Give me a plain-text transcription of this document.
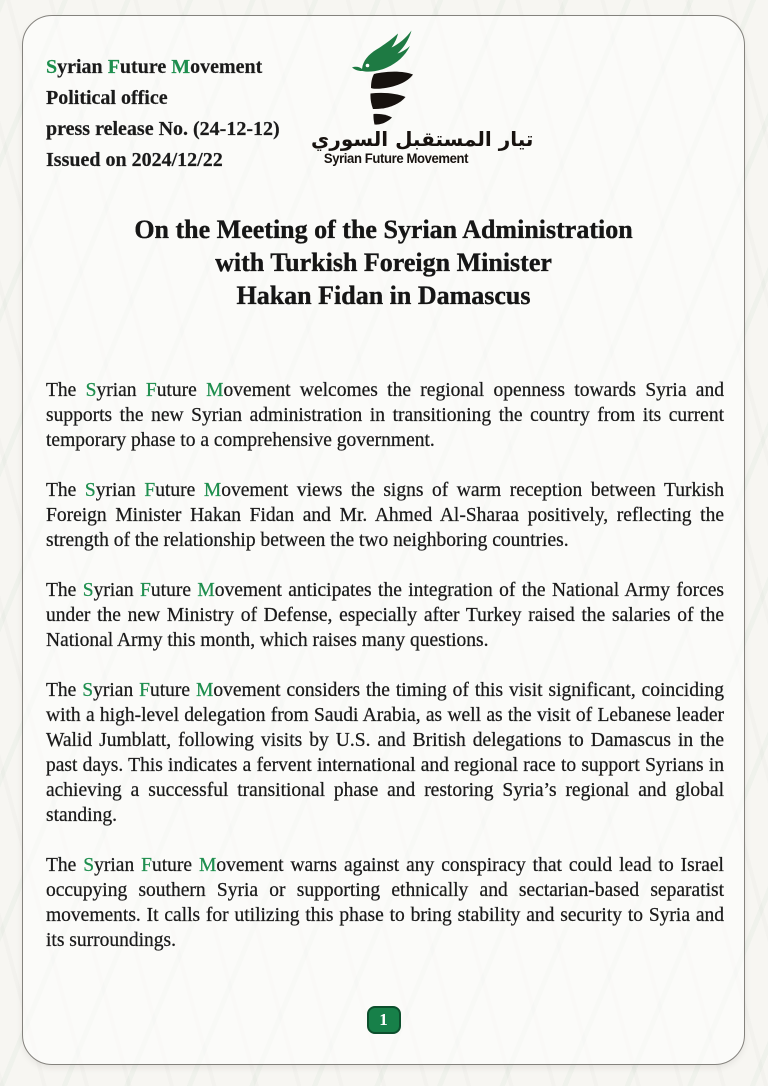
Syrian Future Movement
Political office
press release No. (24-12-12)
Issued on 2024/12/22
تيار المستقبل السوري
Syrian Future Movement
On the Meeting of the Syrian Administration
with Turkish Foreign Minister
Hakan Fidan in Damascus

The Syrian Future Movement welcomes the regional openness towards Syria and supports the new Syrian administration in transitioning the country from its current temporary phase to a comprehensive government.

The Syrian Future Movement views the signs of warm reception between Turkish Foreign Minister Hakan Fidan and Mr. Ahmed Al-Sharaa positively, reflecting the strength of the relationship between the two neighboring countries.

The Syrian Future Movement anticipates the integration of the National Army forces under the new Ministry of Defense, especially after Turkey raised the salaries of the National Army this month, which raises many questions.

The Syrian Future Movement considers the timing of this visit significant, coinciding with a high-level delegation from Saudi Arabia, as well as the visit of Lebanese leader Walid Jumblatt, following visits by U.S. and British delegations to Damascus in the past days. This indicates a fervent international and regional race to support Syrians in achieving a successful transitional phase and restoring Syria’s regional and global standing.

The Syrian Future Movement warns against any conspiracy that could lead to Israel occupying southern Syria or supporting ethnically and sectarian-based separatist movements. It calls for utilizing this phase to bring stability and security to Syria and its surroundings.

1
